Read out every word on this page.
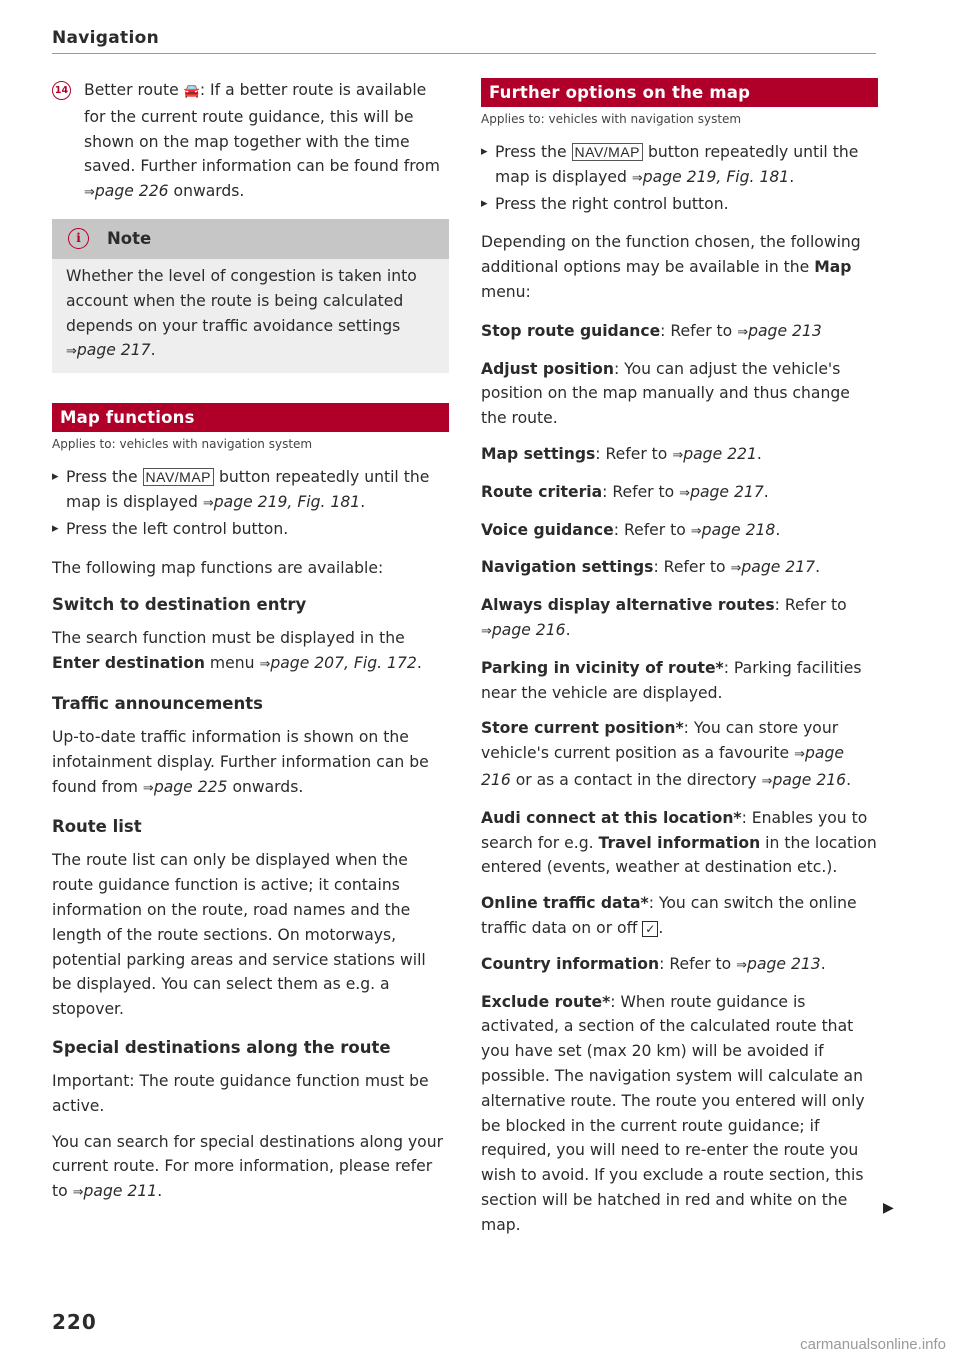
Navigation

14 Better route 🚘: If a better route is available for the current route guidance, this will be shown on the map together with the time saved. Further information can be found from ⇒page 226 onwards.

i	Note

Whether the level of congestion is taken into account when the route is being calculated depends on your traffic avoidance settings ⇒page 217.

Map functions
Applies to: vehicles with navigation system
▸ Press the NAV/MAP button repeatedly until the map is displayed ⇒page 219, Fig. 181.
▸ Press the left control button.

The following map functions are available:

Switch to destination entry

The search function must be displayed in the Enter destination menu ⇒page 207, Fig. 172.

Traffic announcements

Up-to-date traffic information is shown on the infotainment display. Further information can be found from ⇒page 225 onwards.

Route list

The route list can only be displayed when the route guidance function is active; it contains information on the route, road names and the length of the route sections. On motorways, potential parking areas and service stations will be displayed. You can select them as e.g. a stopover.

Special destinations along the route

Important: The route guidance function must be active.

You can search for special destinations along your current route. For more information, please refer to ⇒page 211.

Further options on the map
Applies to: vehicles with navigation system
▸ Press the NAV/MAP button repeatedly until the map is displayed ⇒page 219, Fig. 181.
▸ Press the right control button.

Depending on the function chosen, the following additional options may be available in the Map menu:

Stop route guidance: Refer to ⇒page 213

Adjust position: You can adjust the vehicle's position on the map manually and thus change the route.

Map settings: Refer to ⇒page 221.

Route criteria: Refer to ⇒page 217.

Voice guidance: Refer to ⇒page 218.

Navigation settings: Refer to ⇒page 217.

Always display alternative routes: Refer to ⇒page 216.

Parking in vicinity of route*: Parking facilities near the vehicle are displayed.

Store current position*: You can store your vehicle's current position as a favourite ⇒page 216 or as a contact in the directory ⇒page 216.

Audi connect at this location*: Enables you to search for e.g. Travel information in the location entered (events, weather at destination etc.).

Online traffic data*: You can switch the online traffic data on or off ✓ .

Country information: Refer to ⇒page 213.

Exclude route*: When route guidance is activated, a section of the calculated route that you have set (max 20 km) will be avoided if possible. The navigation system will calculate an alternative route. The route you entered will only be blocked in the current route guidance; if required, you will need to re-enter the route you wish to avoid. If you exclude a route section, this section will be hatched in red and white on the map.

▶
220
carmanualsonline.info
